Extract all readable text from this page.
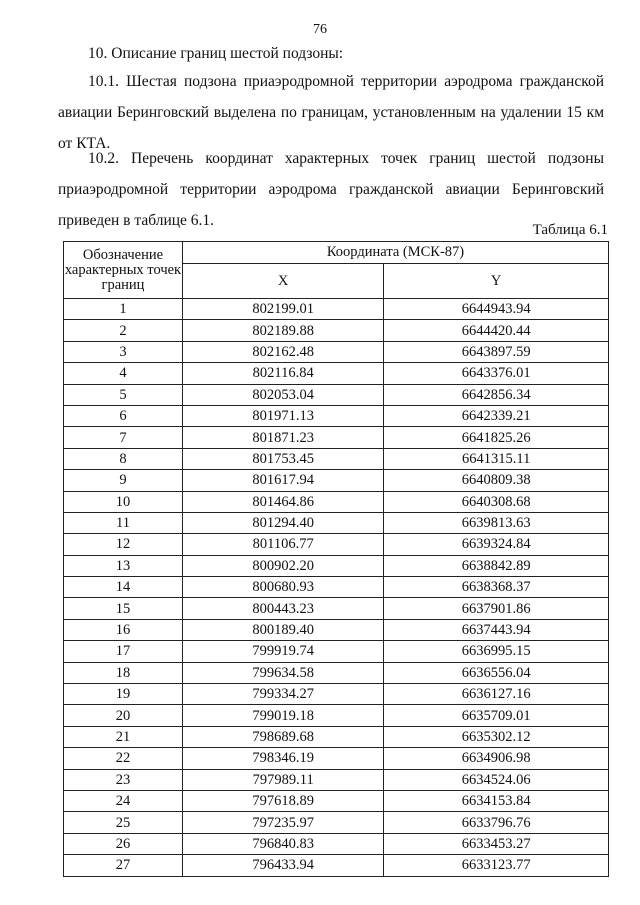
76
10. Описание границ шестой подзоны:
10.1. Шестая подзона приаэродромной территории аэродрома гражданской
авиации Беринговский выделена по границам, установленным на удалении 15 км
от КТА.
10.2. Перечень координат характерных точек границ шестой подзоны
приаэродромной территории аэродрома гражданской авиации Беринговский
приведен в таблице 6.1.
Таблица 6.1
Обозначение характерных точек границ	Координата (МСК-87)	
	X	Y
1	802199.01	6644943.94
2	802189.88	6644420.44
3	802162.48	6643897.59
4	802116.84	6643376.01
5	802053.04	6642856.34
6	801971.13	6642339.21
7	801871.23	6641825.26
8	801753.45	6641315.11
9	801617.94	6640809.38
10	801464.86	6640308.68
11	801294.40	6639813.63
12	801106.77	6639324.84
13	800902.20	6638842.89
14	800680.93	6638368.37
15	800443.23	6637901.86
16	800189.40	6637443.94
17	799919.74	6636995.15
18	799634.58	6636556.04
19	799334.27	6636127.16
20	799019.18	6635709.01
21	798689.68	6635302.12
22	798346.19	6634906.98
23	797989.11	6634524.06
24	797618.89	6634153.84
25	797235.97	6633796.76
26	796840.83	6633453.27
27	796433.94	6633123.77
